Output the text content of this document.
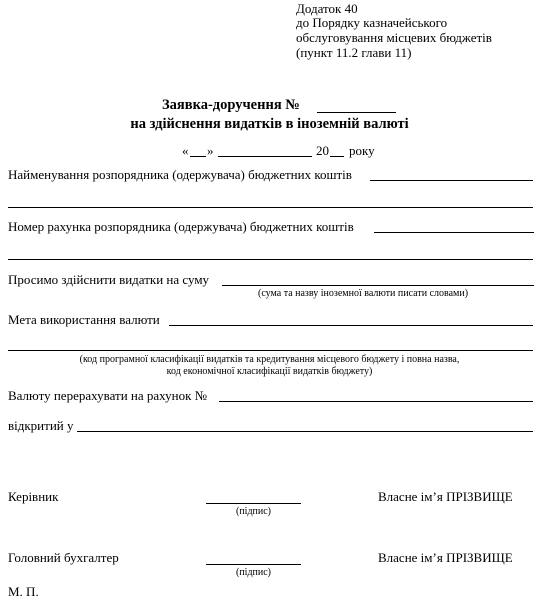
Додаток 40
до Порядку казначейського
обслуговування місцевих бюджетів
(пункт 11.2 глави 11)
Заявка-доручення №
на здійснення видатків в іноземній валюті
« »	20 року
Найменування розпорядника (одержувача) бюджетних коштів
Номер рахунка розпорядника (одержувача) бюджетних коштів
Просимо здійснити видатки на суму
(сума та назву іноземної валюти писати словами)
Мета використання валюти
(код програмної класифікації видатків та кредитування місцевого бюджету і повна назва,
код економічної класифікації видатків бюджету)
Валюту перерахувати на рахунок №
відкритий у
Керівник
(підпис)
Власне ім’я ПРІЗВИЩЕ
Головний бухгалтер
(підпис)
Власне ім’я ПРІЗВИЩЕ
М. П.
